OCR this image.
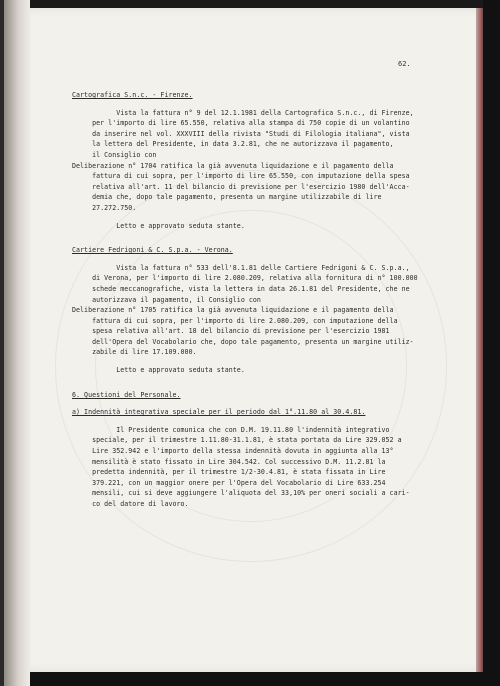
62.
Cartografica S.n.c. - Firenze.
Vista la fattura n° 9 del 12.1.1981 della Cartografica S.n.c., di Firenze,
per l'importo di lire 65.550, relativa alla stampa di 750 copie di un volantino
da inserire nel vol. XXXVIII della rivista "Studi di Filologia italiana", vista
la lettera del Presidente, in data 3.2.81, che ne autorizzava il pagamento,
il Consiglio con
Deliberazione n° 1704 ratifica la già avvenuta liquidazione e il pagamento della
fattura di cui sopra, per l'importo di lire 65.550, con imputazione della spesa
relativa all'art. 11 del bilancio di previsione per l'esercizio 1980 dell'Acca-
demia che, dopo tale pagamento, presenta un margine utilizzabile di lire
27.272.750.
Letto e approvato seduta stante.
Cartiere Fedrigoni & C. S.p.a. - Verona.
Vista la fattura n° 533 dell'8.1.81 delle Cartiere Fedrigoni & C. S.p.a.,
di Verona, per l'importo di lire 2.080.209, relativa alla fornitura di n° 100.000
schede meccanografiche, vista la lettera in data 26.1.81 del Presidente, che ne
autorizzava il pagamento, il Consiglio con
Deliberazione n° 1705 ratifica la già avvenuta liquidazione e il pagamento della
fattura di cui sopra, per l'importo di lire 2.080.209, con imputazione della
spesa relativa all'art. 18 del bilancio di previsione per l'esercizio 1981
dell'Opera del Vocabolario che, dopo tale pagamento, presenta un margine utiliz-
zabile di lire 17.109.000.
Letto e approvato seduta stante.
6. Questioni del Personale.
a) Indennità integrativa speciale per il periodo dal 1°.11.80 al 30.4.81.
Il Presidente comunica che con D.M. 19.11.80 l'indennità integrativo
speciale, per il trimestre 1.11.80-31.1.81, è stata portata da Lire 329.052 a
Lire 352.942 e l'importo della stessa indennità dovuta in aggiunta alla 13°
mensilità è stato fissato in Lire 304.542. Col successivo D.M. 11.2.81 la
predetta indennità, per il trimestre 1/2-30.4.81, è stata fissata in Lire
379.221, con un maggior onere per l'Opera del Vocabolario di Lire 633.254
mensili, cui si deve aggiungere l'aliquota del 33,10% per oneri sociali a cari-
co del datore di lavoro.
